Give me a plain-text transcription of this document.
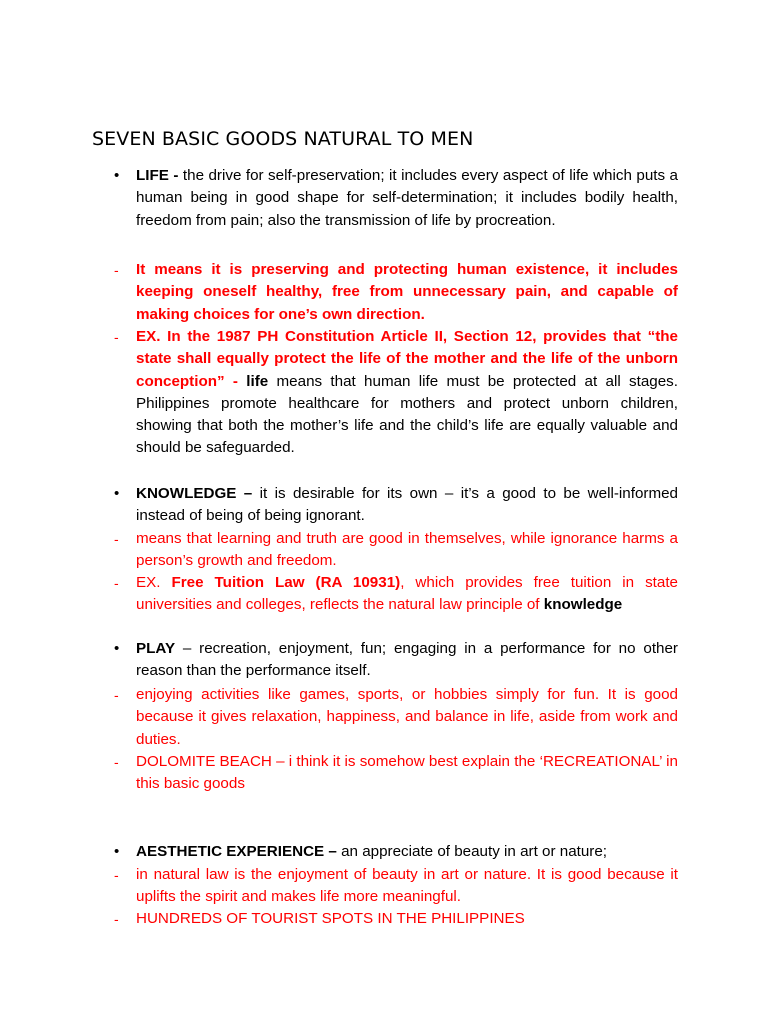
SEVEN BASIC GOODS NATURAL TO MEN
• LIFE - the drive for self-preservation; it includes every aspect of life which puts a human being in good shape for self-determination; it includes bodily health, freedom from pain; also the transmission of life by procreation.
- It means it is preserving and protecting human existence, it includes keeping oneself healthy, free from unnecessary pain, and capable of making choices for one’s own direction.
- EX. In the 1987 PH Constitution Article II, Section 12, provides that “the state shall equally protect the life of the mother and the life of the unborn conception” - life means that human life must be protected at all stages. Philippines promote healthcare for mothers and protect unborn children, showing that both the mother’s life and the child’s life are equally valuable and should be safeguarded.
• KNOWLEDGE – it is desirable for its own – it’s a good to be well-informed instead of being of being ignorant.
- means that learning and truth are good in themselves, while ignorance harms a person’s growth and freedom.
- EX. Free Tuition Law (RA 10931), which provides free tuition in state universities and colleges, reflects the natural law principle of knowledge
• PLAY – recreation, enjoyment, fun; engaging in a performance for no other reason than the performance itself.
- enjoying activities like games, sports, or hobbies simply for fun. It is good because it gives relaxation, happiness, and balance in life, aside from work and duties.
- DOLOMITE BEACH – i think it is somehow best explain the ‘RECREATIONAL’ in this basic goods
• AESTHETIC EXPERIENCE – an appreciate of beauty in art or nature;
- in natural law is the enjoyment of beauty in art or nature. It is good because it uplifts the spirit and makes life more meaningful.
- HUNDREDS OF TOURIST SPOTS IN THE PHILIPPINES
